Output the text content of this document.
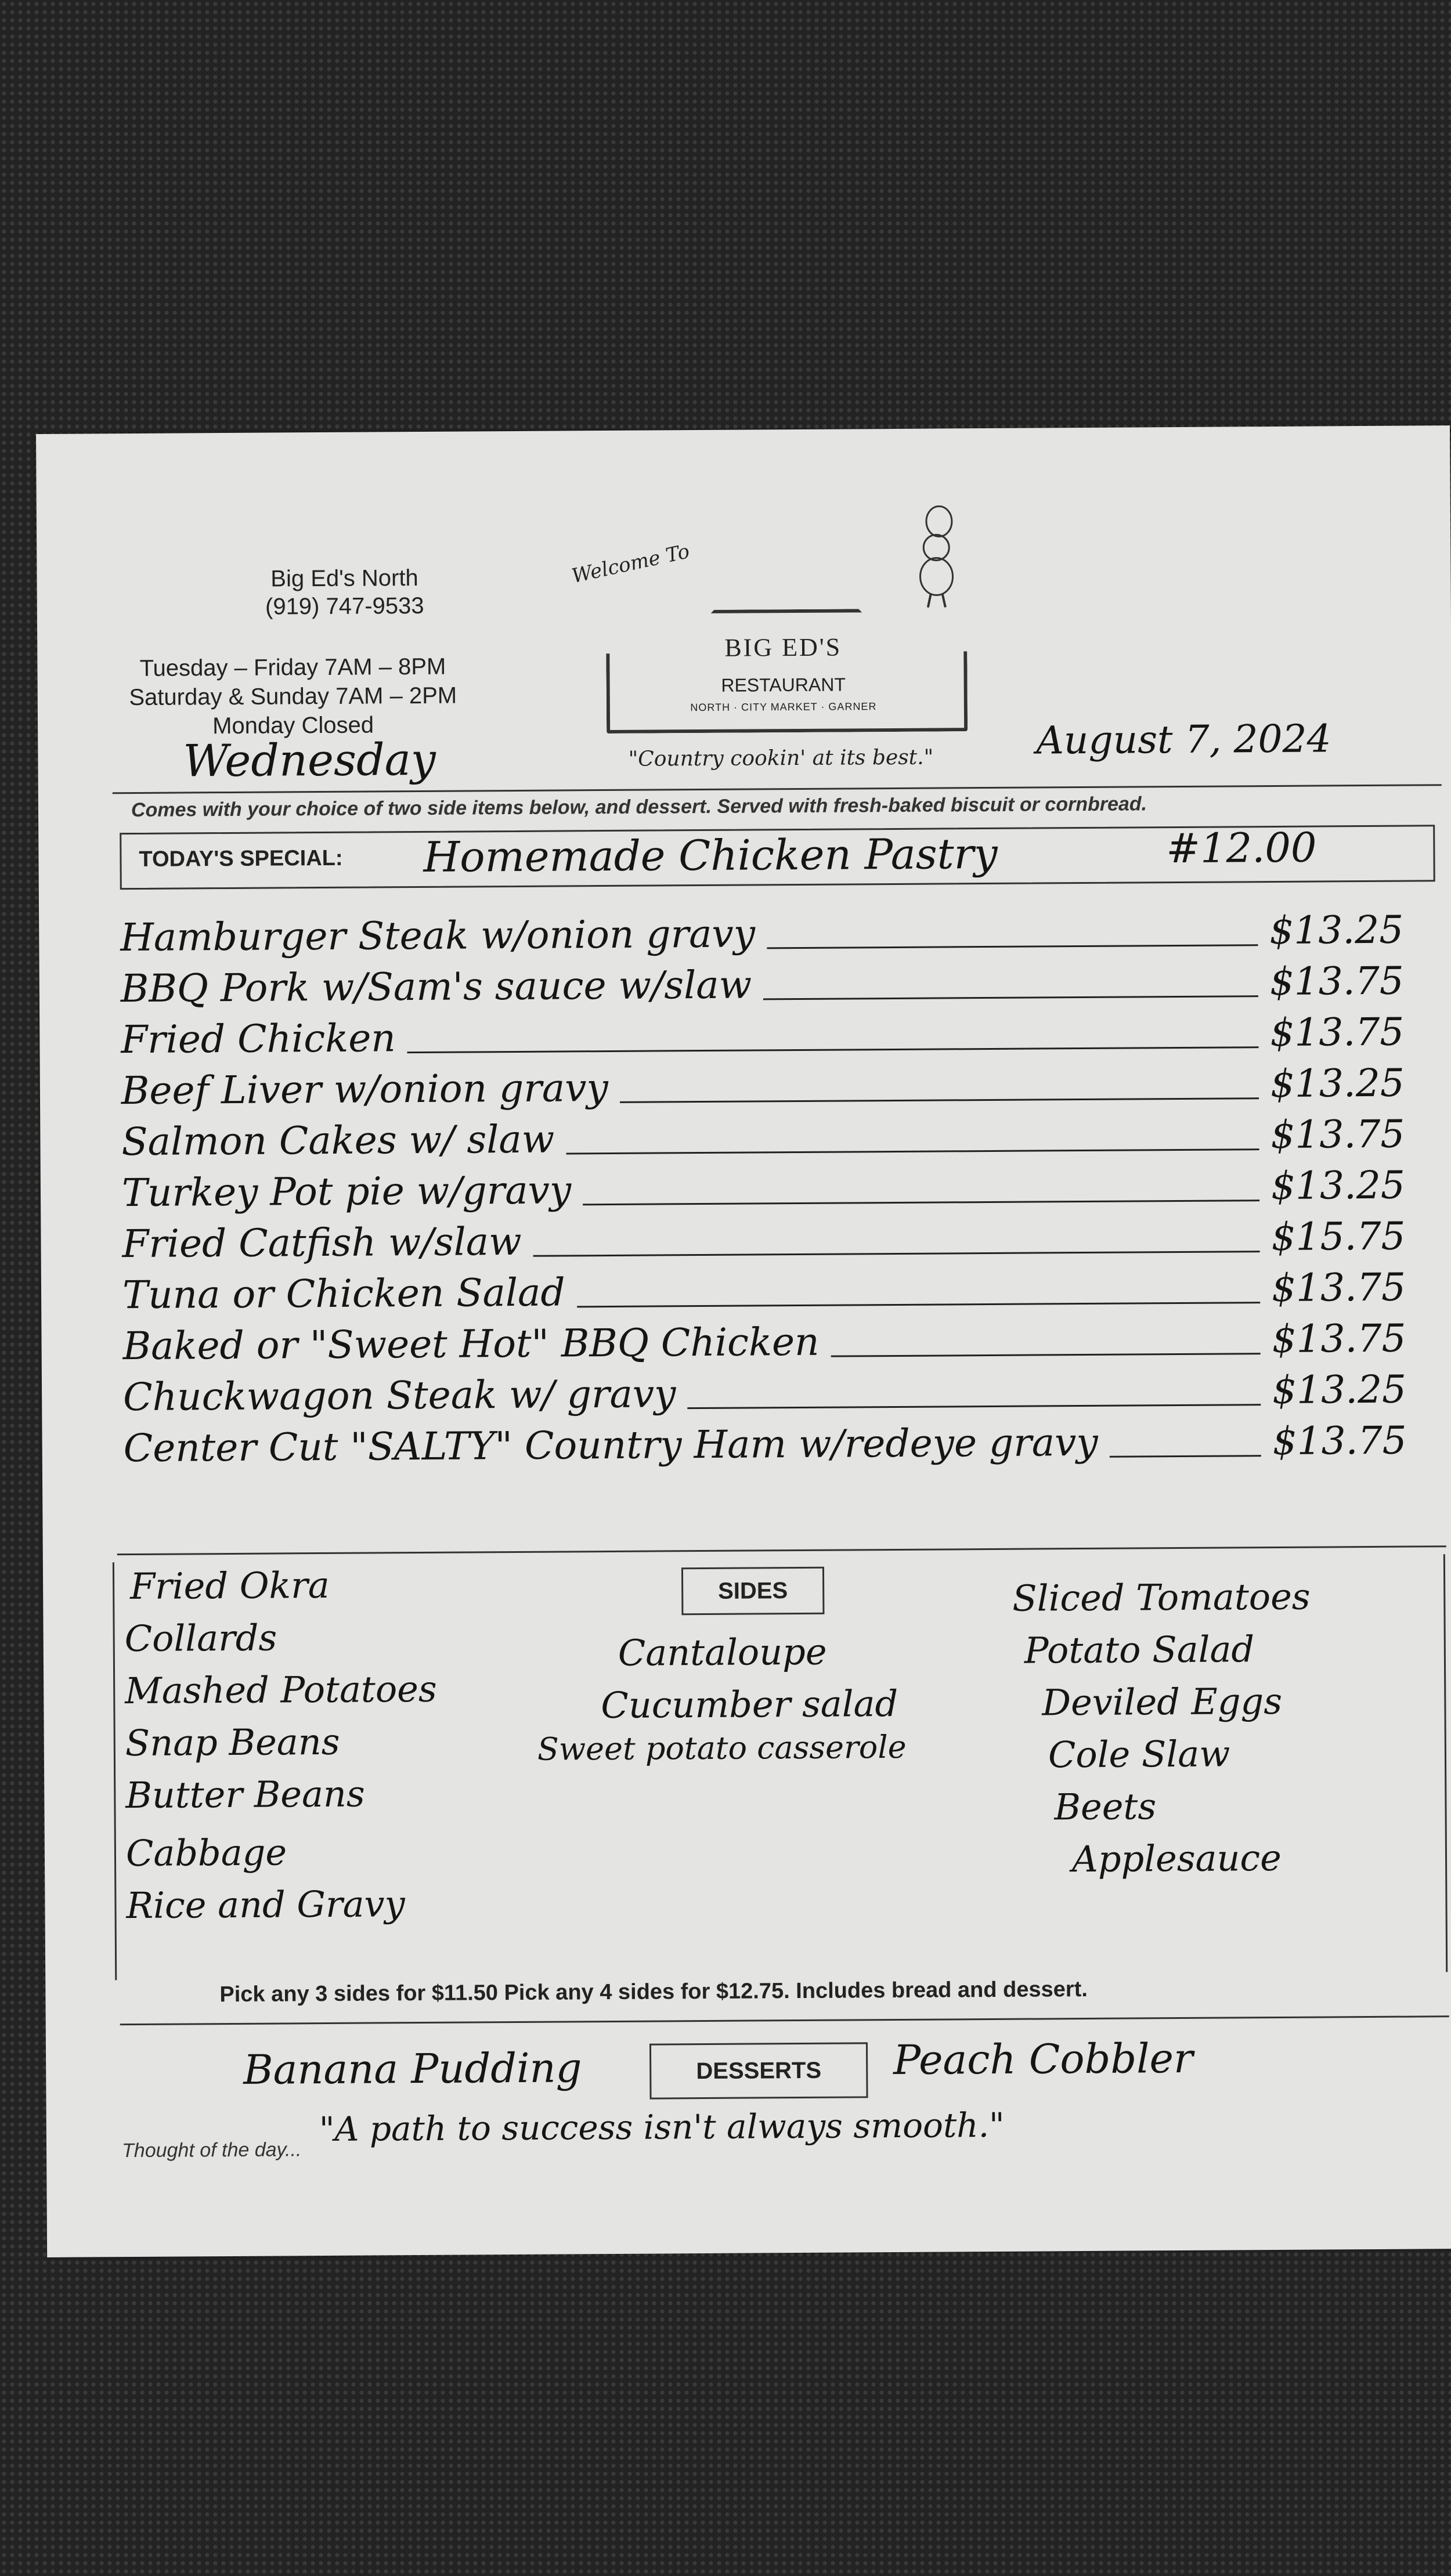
Big Ed's North
(919) 747-9533
Tuesday – Friday 7AM – 8PM
Saturday & Sunday 7AM – 2PM
Monday Closed
Welcome To
BIG ED'S
RESTAURANT
NORTH · CITY MARKET · GARNER
"Country cookin' at its best."
Wednesday	August 7, 2024
Comes with your choice of two side items below, and dessert. Served with fresh-baked biscuit or cornbread.
TODAY'S SPECIAL: Homemade Chicken Pastry	#12.00
Hamburger Steak w/onion gravy	$13.25
BBQ Pork w/Sam's sauce w/slaw	$13.75
Fried Chicken	$13.75
Beef Liver w/onion gravy	$13.25
Salmon Cakes w/ slaw	$13.75
Turkey Pot pie w/gravy	$13.25
Fried Catfish w/slaw	$15.75
Tuna or Chicken Salad	$13.75
Baked or "Sweet Hot" BBQ Chicken	$13.75
Chuckwagon Steak w/ gravy	$13.25
Center Cut "SALTY" Country Ham w/redeye gravy	$13.75
SIDES
Fried Okra
Collards
Mashed Potatoes
Snap Beans
Butter Beans
Cabbage
Rice and Gravy
Cantaloupe
Cucumber salad
Sweet potato casserole
Sliced Tomatoes
Potato Salad
Deviled Eggs
Cole Slaw
Beets
Applesauce
Pick any 3 sides for $11.50 Pick any 4 sides for $12.75. Includes bread and dessert.
Banana Pudding	DESSERTS	Peach Cobbler
Thought of the day...
"A path to success isn't always smooth."
